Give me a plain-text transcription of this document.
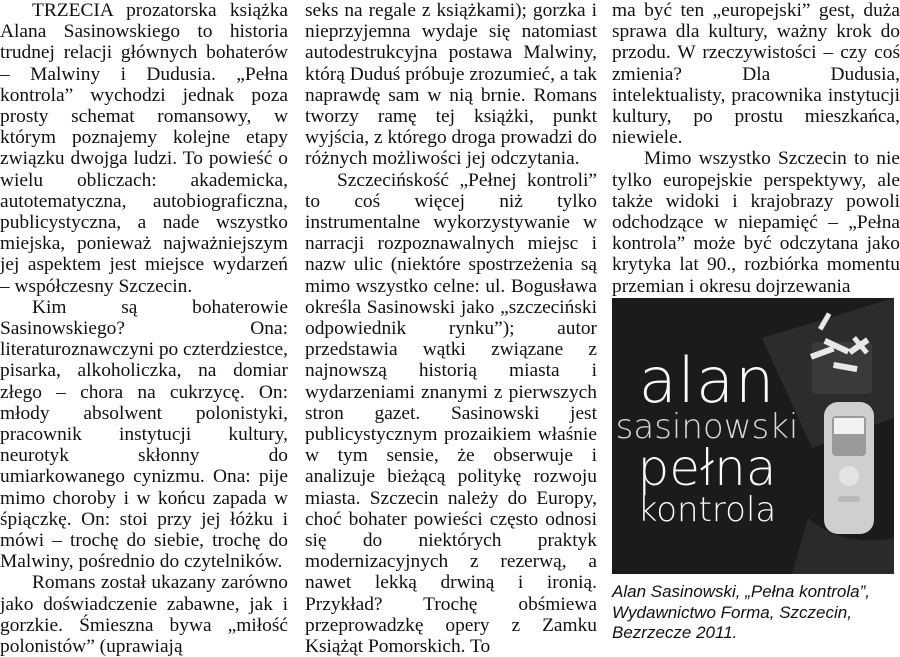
TRZECIA prozatorska książka Alana Sasinowskiego to historia trudnej relacji głównych bohaterów – Malwiny i Dudusia. „Pełna kontrola” wychodzi jednak poza prosty schemat romansowy, w którym poznajemy kolejne etapy związku dwojga ludzi. To powieść o wielu obliczach: akademicka, autotematyczna, autobiograficzna, publicystyczna, a nade wszystko miejska, ponieważ najważniejszym jej aspektem jest miejsce wydarzeń – współczesny Szczecin.

Kim są bohaterowie Sasinowskiego? Ona: literaturoznawczyni po czterdziestce, pisarka, alkoholiczka, na domiar złego – chora na cukrzycę. On: młody absolwent polonistyki, pracownik instytucji kultury, neurotyk skłonny do umiarkowanego cynizmu. Ona: pije mimo choroby i w końcu zapada w śpiączkę. On: stoi przy jej łóżku i mówi – trochę do siebie, trochę do Malwiny, pośrednio do czytelników.

Romans został ukazany zarówno jako doświadczenie zabawne, jak i gorzkie. Śmieszna bywa „miłość polonistów” (uprawiają

seks na regale z książkami); gorzka i nieprzyjemna wydaje się natomiast autodestrukcyjna postawa Malwiny, którą Duduś próbuje zrozumieć, a tak naprawdę sam w nią brnie. Romans tworzy ramę tej książki, punkt wyjścia, z którego droga prowadzi do różnych możliwości jej odczytania.

Szczecińskość „Pełnej kontroli” to coś więcej niż tylko instrumentalne wykorzystywanie w narracji rozpoznawalnych miejsc i nazw ulic (niektóre spostrzeżenia są mimo wszystko celne: ul. Bogusława określa Sasinowski jako „szczeciński odpowiednik rynku”); autor przedstawia wątki związane z najnowszą historią miasta i wydarzeniami znanymi z pierwszych stron gazet. Sasinowski jest publicystycznym prozaikiem właśnie w tym sensie, że obserwuje i analizuje bieżącą politykę rozwoju miasta. Szczecin należy do Europy, choć bohater powieści często odnosi się do niektórych praktyk modernizacyjnych z rezerwą, a nawet lekką drwiną i ironią. Przykład? Trochę obśmiewa przeprowadzkę opery z Zamku Książąt Pomorskich. To

ma być ten „europejski” gest, duża sprawa dla kultury, ważny krok do przodu. W rzeczywistości – czy coś zmienia? Dla Dudusia, intelektualisty, pracownika instytucji kultury, po prostu mieszkańca, niewiele.

Mimo wszystko Szczecin to nie tylko europejskie perspektywy, ale także widoki i krajobrazy powoli odchodzące w niepamięć – „Pełna kontrola” może być odczytana jako krytyka lat 90., rozbiórka momentu przemian i okresu dojrzewania

alan
sasinowski
pełna
kontrola
Alan Sasinowski, „Pełna kontrola”, Wydawnictwo Forma, Szczecin, Bezrzecze 2011.
